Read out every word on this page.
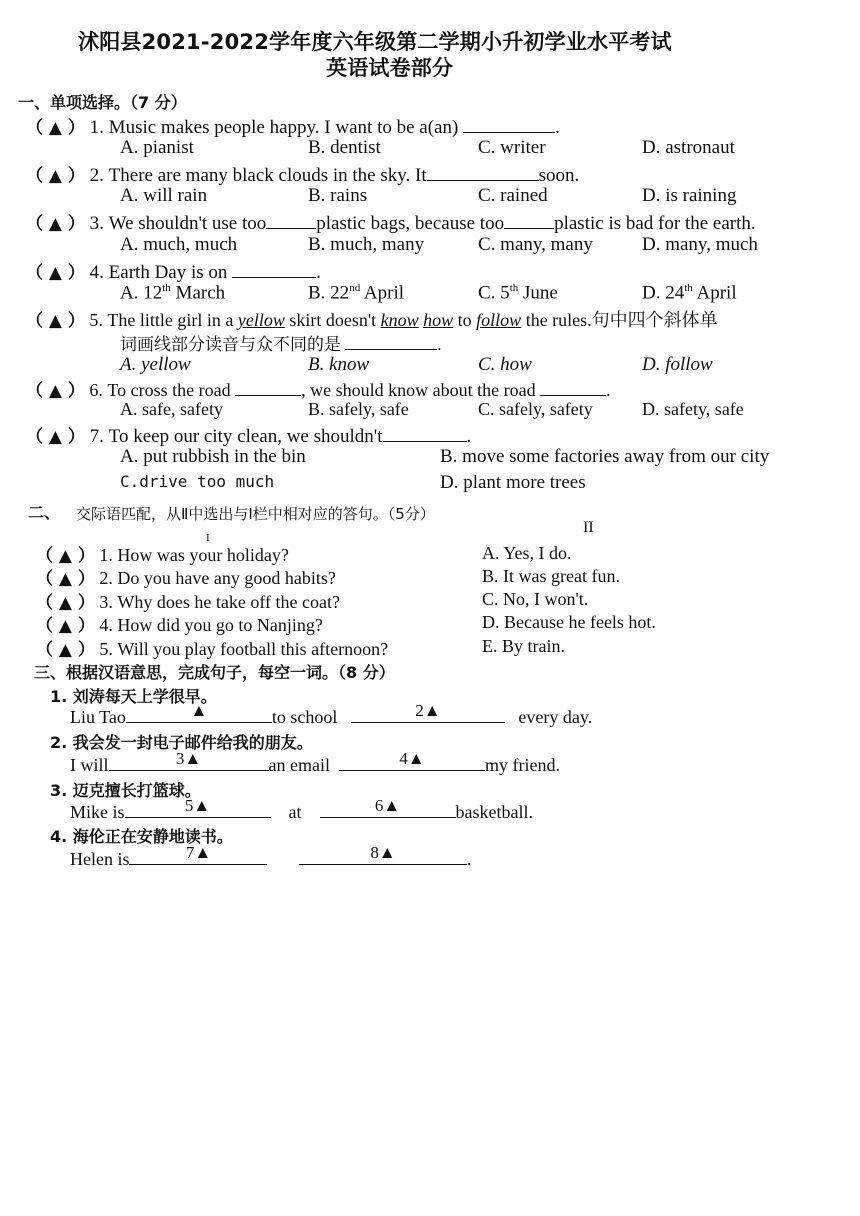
沭阳县2021-2022学年度六年级第二学期小升初学业水平考试
英语试卷部分
一、单项选择。（7 分）
（ ▲ ） 1. Music makes people happy. I want to be a(an)	.
A. pianist	B. dentist	C. writer	D. astronaut
（ ▲ ） 2. There are many black clouds in the sky. It	soon.
A. will rain	B. rains	C. rained	D. is raining
（ ▲ ） 3. We shouldn't use too	plastic bags, because too	plastic is bad for the earth.
A. much, much	B. much, many	C. many, many	D. many, much
（ ▲ ） 4. Earth Day is on	.
A. 12th March	B. 22nd April	C. 5th June	D. 24th April
（ ▲ ） 5. The little girl in a yellow skirt doesn't know how to follow the rules.句中四个斜体单
词画线部分读音与众不同的是	.
A. yellow	B. know	C. how	D. follow
（ ▲ ） 6. To cross the road	, we should know about the road	.
A. safe, safety	B. safely, safe	C. safely, safety	D. safety, safe
（ ▲ ） 7. To keep our city clean, we shouldn't	.
A. put rubbish in the bin	B. move some factories away from our city
C.drive too much	D. plant more trees
二、 交际语匹配，从Ⅱ中选出与Ⅰ栏中相对应的答句。（5分）
II
I
（ ▲ ） 1. How was your holiday?
（ ▲ ） 2. Do you have any good habits?
（ ▲ ） 3. Why does he take off the coat?
（ ▲ ） 4. How did you go to Nanjing?
（ ▲ ） 5. Will you play football this afternoon?
A. Yes, I do.
B. It was great fun.
C. No, I won't.
D. Because he feels hot.
E. By train.
三、根据汉语意思，完成句子，每空一词。（8 分）
1. 刘涛每天上学很早。
Liu Tao	▲	to school	2▲	every day.
2. 我会发一封电子邮件给我的朋友。
I will	3▲	an email	4▲	my friend.
3. 迈克擅长打篮球。
Mike is	5▲	at	6▲	basketball.
4. 海伦正在安静地读书。
Helen is	7▲
	8▲	.
